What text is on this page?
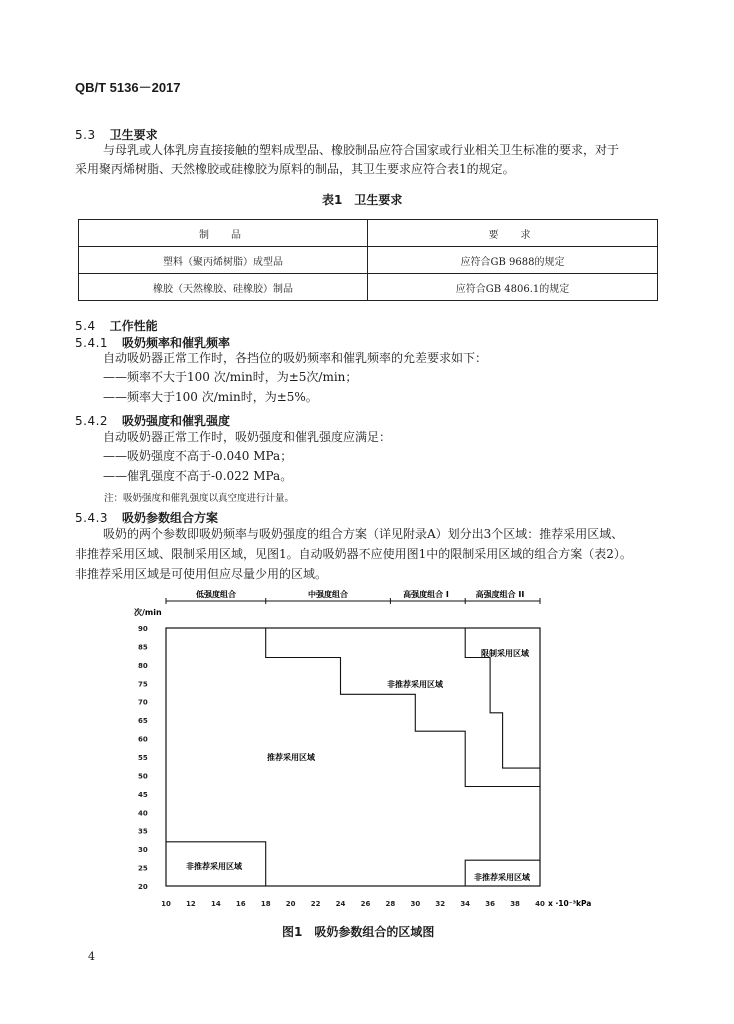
QB/T 5136－2017
5.3 卫生要求
与母乳或人体乳房直接接触的塑料成型品、橡胶制品应符合国家或行业相关卫生标准的要求，对于
采用聚丙烯树脂、天然橡胶或硅橡胶为原料的制品，其卫生要求应符合表1的规定。
表1　卫生要求
制　品	要　求
塑料（聚丙烯树脂）成型品	应符合GB 9688的规定
橡胶（天然橡胶、硅橡胶）制品	应符合GB 4806.1的规定
5.4 工作性能
5.4.1 吸奶频率和催乳频率
自动吸奶器正常工作时，各挡位的吸奶频率和催乳频率的允差要求如下：
——频率不大于100 次/min时，为±5次/min；
——频率大于100 次/min时，为±5%。
5.4.2 吸奶强度和催乳强度
自动吸奶器正常工作时，吸奶强度和催乳强度应满足：
——吸奶强度不高于-0.040 MPa；
——催乳强度不高于-0.022 MPa。
注：吸奶强度和催乳强度以真空度进行计量。
5.4.3 吸奶参数组合方案
吸奶的两个参数即吸奶频率与吸奶强度的组合方案（详见附录A）划分出3个区域：推荐采用区域、
非推荐采用区域、限制采用区域，见图1。自动吸奶器不应使用图1中的限制采用区域的组合方案（表2）。
非推荐采用区域是可使用但应尽量少用的区域。
90
85
80
75
70
65
60
55
50
45
40
35
30
25
20
10 12 14 16 18 20 22 24 26 28 30 32 34 36 38 40
次/min
x ·10⁻³kPa
低强度组合	中强度组合	高强度组合 I	高强度组合 II
推荐采用区域
非推荐采用区域
限制采用区域
非推荐采用区域
非推荐采用区域
图1　吸奶参数组合的区域图
4
